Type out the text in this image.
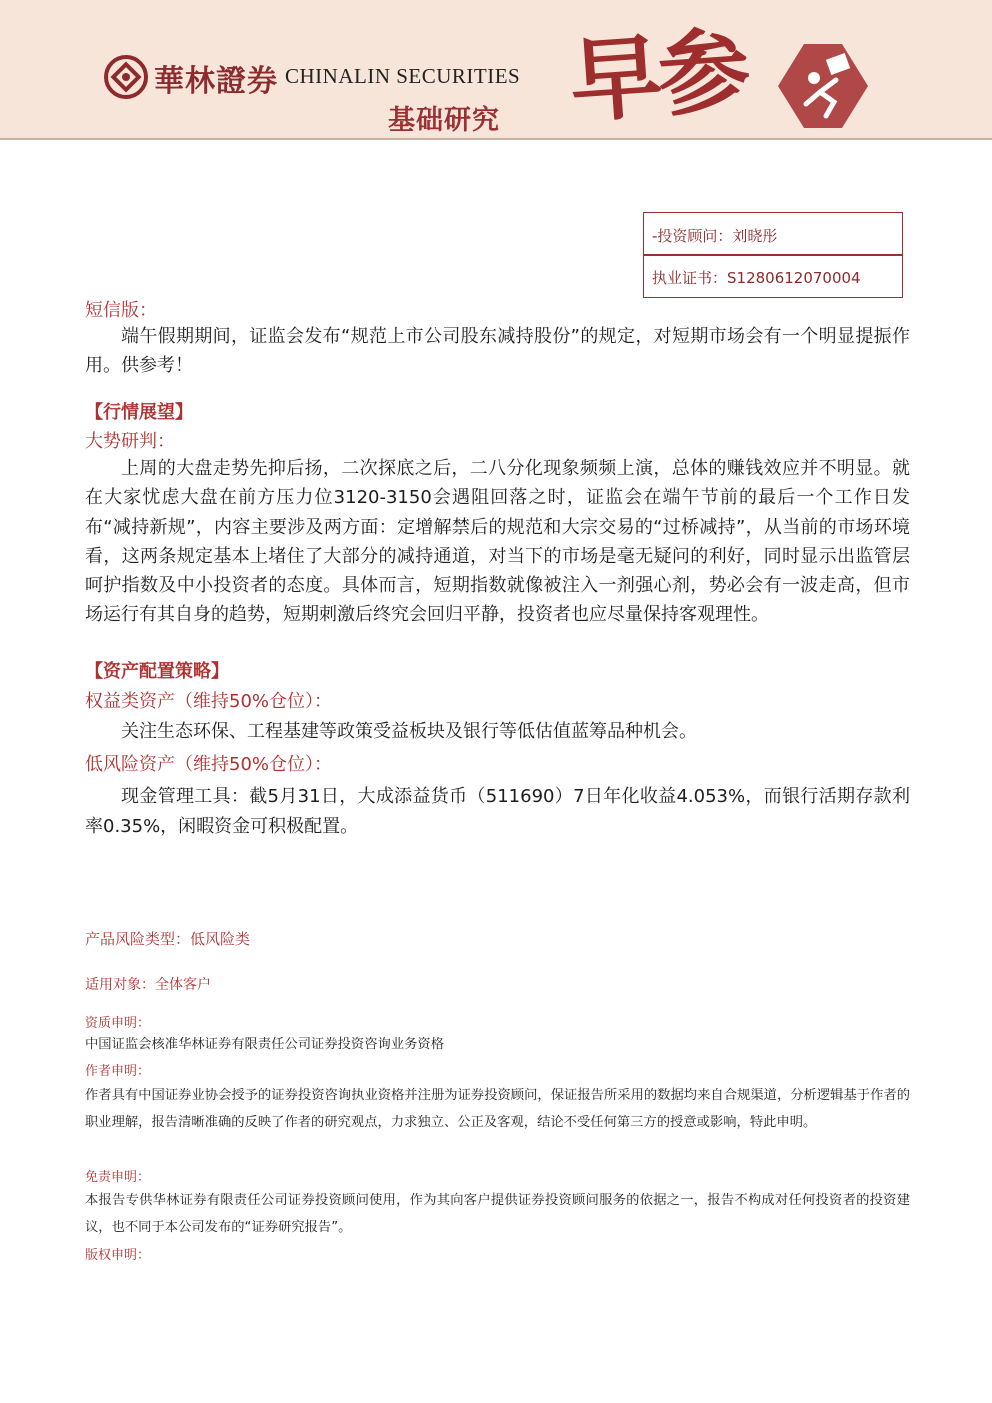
華林證券 CHINALIN SECURITIES
基础研究 早参
-投资顾问：刘晓彤
执业证书：S1280612070004
短信版：

端午假期期间，证监会发布“规范上市公司股东减持股份”的规定，对短期市场会有一个明显提振作用。供参考！

【行情展望】
大势研判：

上周的大盘走势先抑后扬，二次探底之后，二八分化现象频频上演，总体的赚钱效应并不明显。就在大家忧虑大盘在前方压力位3120-3150会遇阻回落之时，证监会在端午节前的最后一个工作日发布“减持新规”，内容主要涉及两方面：定增解禁后的规范和大宗交易的“过桥减持”，从当前的市场环境看，这两条规定基本上堵住了大部分的减持通道，对当下的市场是毫无疑问的利好，同时显示出监管层呵护指数及中小投资者的态度。具体而言，短期指数就像被注入一剂强心剂，势必会有一波走高，但市场运行有其自身的趋势，短期刺激后终究会回归平静，投资者也应尽量保持客观理性。

【资产配置策略】
权益类资产（维持50%仓位）：

关注生态环保、工程基建等政策受益板块及银行等低估值蓝筹品种机会。

低风险资产（维持50%仓位）：

现金管理工具：截5月31日，大成添益货币（511690）7日年化收益4.053%，而银行活期存款利率0.35%，闲暇资金可积极配置。

产品风险类型：低风险类
适用对象：全体客户
资质申明：

中国证监会核准华林证券有限责任公司证券投资咨询业务资格

作者申明：

作者具有中国证券业协会授予的证券投资咨询执业资格并注册为证券投资顾问，保证报告所采用的数据均来自合规渠道，分析逻辑基于作者的职业理解，报告清晰准确的反映了作者的研究观点，力求独立、公正及客观，结论不受任何第三方的授意或影响，特此申明。

免责申明：

本报告专供华林证券有限责任公司证券投资顾问使用，作为其向客户提供证券投资顾问服务的依据之一，报告不构成对任何投资者的投资建议，也不同于本公司发布的“证券研究报告”。

版权申明：
